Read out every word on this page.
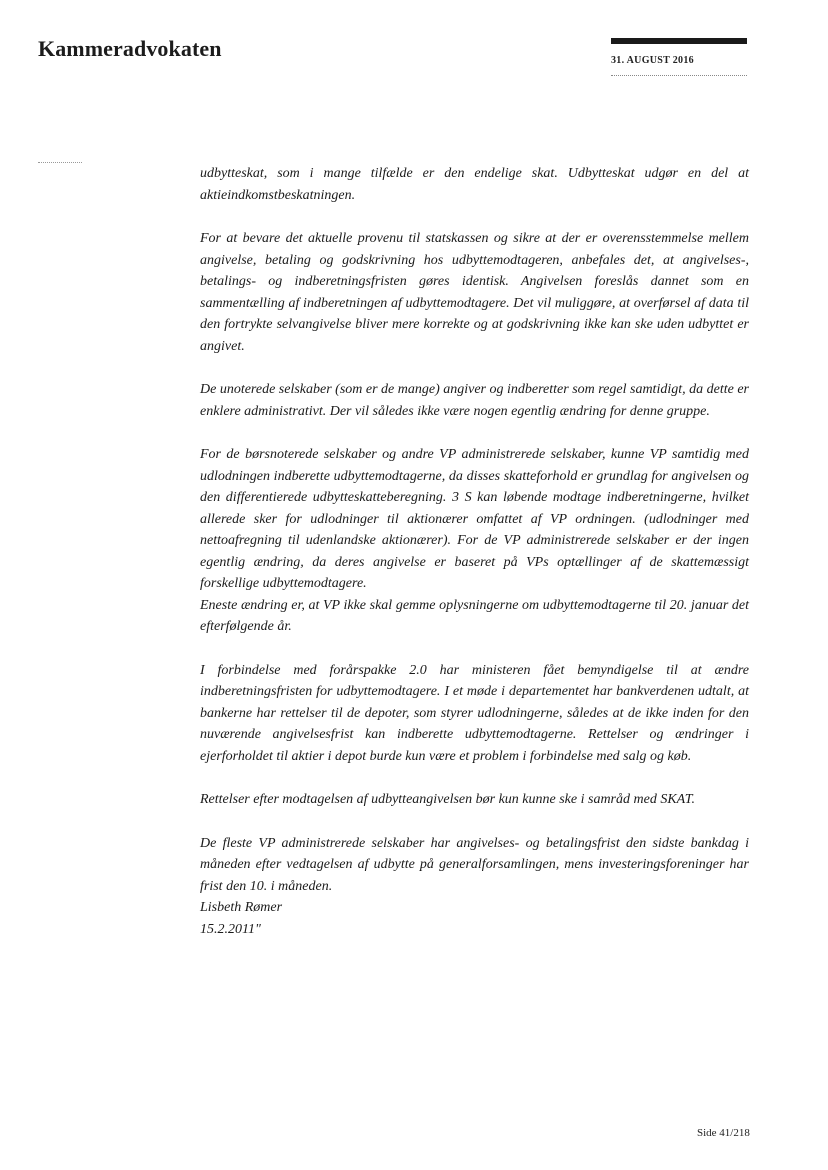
Kammeradvokaten	31. AUGUST 2016

udbytteskat, som i mange tilfælde er den endelige skat. Udbytteskat udgør en del at aktieindkomstbeskatningen.

For at bevare det aktuelle provenu til statskassen og sikre at der er overensstemmelse mellem angivelse, betaling og godskrivning hos udbyttemodtageren, anbefales det, at angivelses-, betalings- og indberetningsfristen gøres identisk. Angivelsen foreslås dannet som en sammentælling af indberetningen af udbyttemodtagere. Det vil muliggøre, at overførsel af data til den fortrykte selvangivelse bliver mere korrekte og at godskrivning ikke kan ske uden udbyttet er angivet.

De unoterede selskaber (som er de mange) angiver og indberetter som regel samtidigt, da dette er enklere administrativt. Der vil således ikke være nogen egentlig ændring for denne gruppe.

For de børsnoterede selskaber og andre VP administrerede selskaber, kunne VP samtidig med udlodningen indberette udbyttemodtagerne, da disses skatteforhold er grundlag for angivelsen og den differentierede udbytteskatteberegning. 3 S kan løbende modtage indberetningerne, hvilket allerede sker for udlodninger til aktionærer omfattet af VP ordningen. (udlodninger med nettoafregning til udenlandske aktionærer). For de VP administrerede selskaber er der ingen egentlig ændring, da deres angivelse er baseret på VPs optællinger af de skattemæssigt forskellige udbyttemodtagere.

Eneste ændring er, at VP ikke skal gemme oplysningerne om udbyttemodtagerne til 20. januar det efterfølgende år.

I forbindelse med forårspakke 2.0 har ministeren fået bemyndigelse til at ændre indberetningsfristen for udbyttemodtagere. I et møde i departementet har bankverdenen udtalt, at bankerne har rettelser til de depoter, som styrer udlodningerne, således at de ikke inden for den nuværende angivelsesfrist kan indberette udbyttemodtagerne. Rettelser og ændringer i ejerforholdet til aktier i depot burde kun være et problem i forbindelse med salg og køb.

Rettelser efter modtagelsen af udbytteangivelsen bør kun kunne ske i samråd med SKAT.

De fleste VP administrerede selskaber har angivelses- og betalingsfrist den sidste bankdag i måneden efter vedtagelsen af udbytte på generalforsamlingen, mens investeringsforeninger har frist den 10. i måneden.

Lisbeth Rømer
15.2.2011"
Side 41/218
